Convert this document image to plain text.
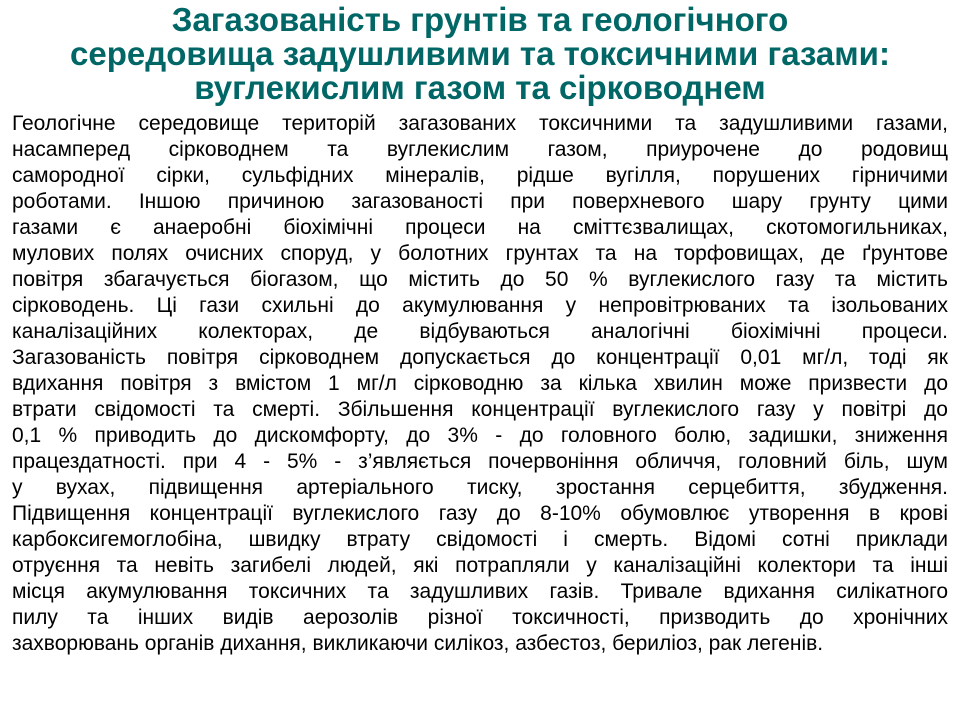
Загазованість грунтів та геологічного
середовища задушливими та токсичними газами:
вуглекислим газом та сірководнем
Геологічне середовище територій загазованих токсичними та задушливими газами,
насамперед сірководнем та вуглекислим газом, приурочене до родовищ
самородної сірки, сульфідних мінералів, рідше вугілля, порушених гірничими
роботами. Іншою причиною загазованості при поверхневого шару грунту цими
газами є анаеробні біохімічні процеси на сміттєзвалищах, скотомогильниках,
мулових полях очисних споруд, у болотних грунтах та на торфовищах, де ґрунтове
повітря збагачується біогазом, що містить до 50 % вуглекислого газу та містить
сірководень. Ці гази схильні до акумулювання у непровітрюваних та ізольованих
каналізаційних колекторах, де відбуваються аналогічні біохімічні процеси.
Загазованість повітря сірководнем допускається до концентрації 0,01 мг/л, тоді як
вдихання повітря з вмістом 1 мг/л сірководню за кілька хвилин може призвести до
втрати свідомості та смерті. Збільшення концентрації вуглекислого газу у повітрі до
0,1 % приводить до дискомфорту, до 3% - до головного болю, задишки, зниження
працездатності. при 4 - 5% - з’являється почервоніння обличчя, головний біль, шум
у вухах, підвищення артеріального тиску, зростання серцебиття, збудження.
Підвищення концентрації вуглекислого газу до 8-10% обумовлює утворення в крові
карбоксигемоглобіна, швидку втрату свідомості і смерть. Відомі сотні приклади
отруєння та невіть загибелі людей, які потрапляли у каналізаційні колектори та інші
місця акумулювання токсичних та задушливих газів. Тривале вдихання силікатного
пилу та інших видів аерозолів різної токсичності, призводить до хронічних
захворювань органів дихання, викликаючи силікоз, азбестоз, бериліоз, рак легенів.
